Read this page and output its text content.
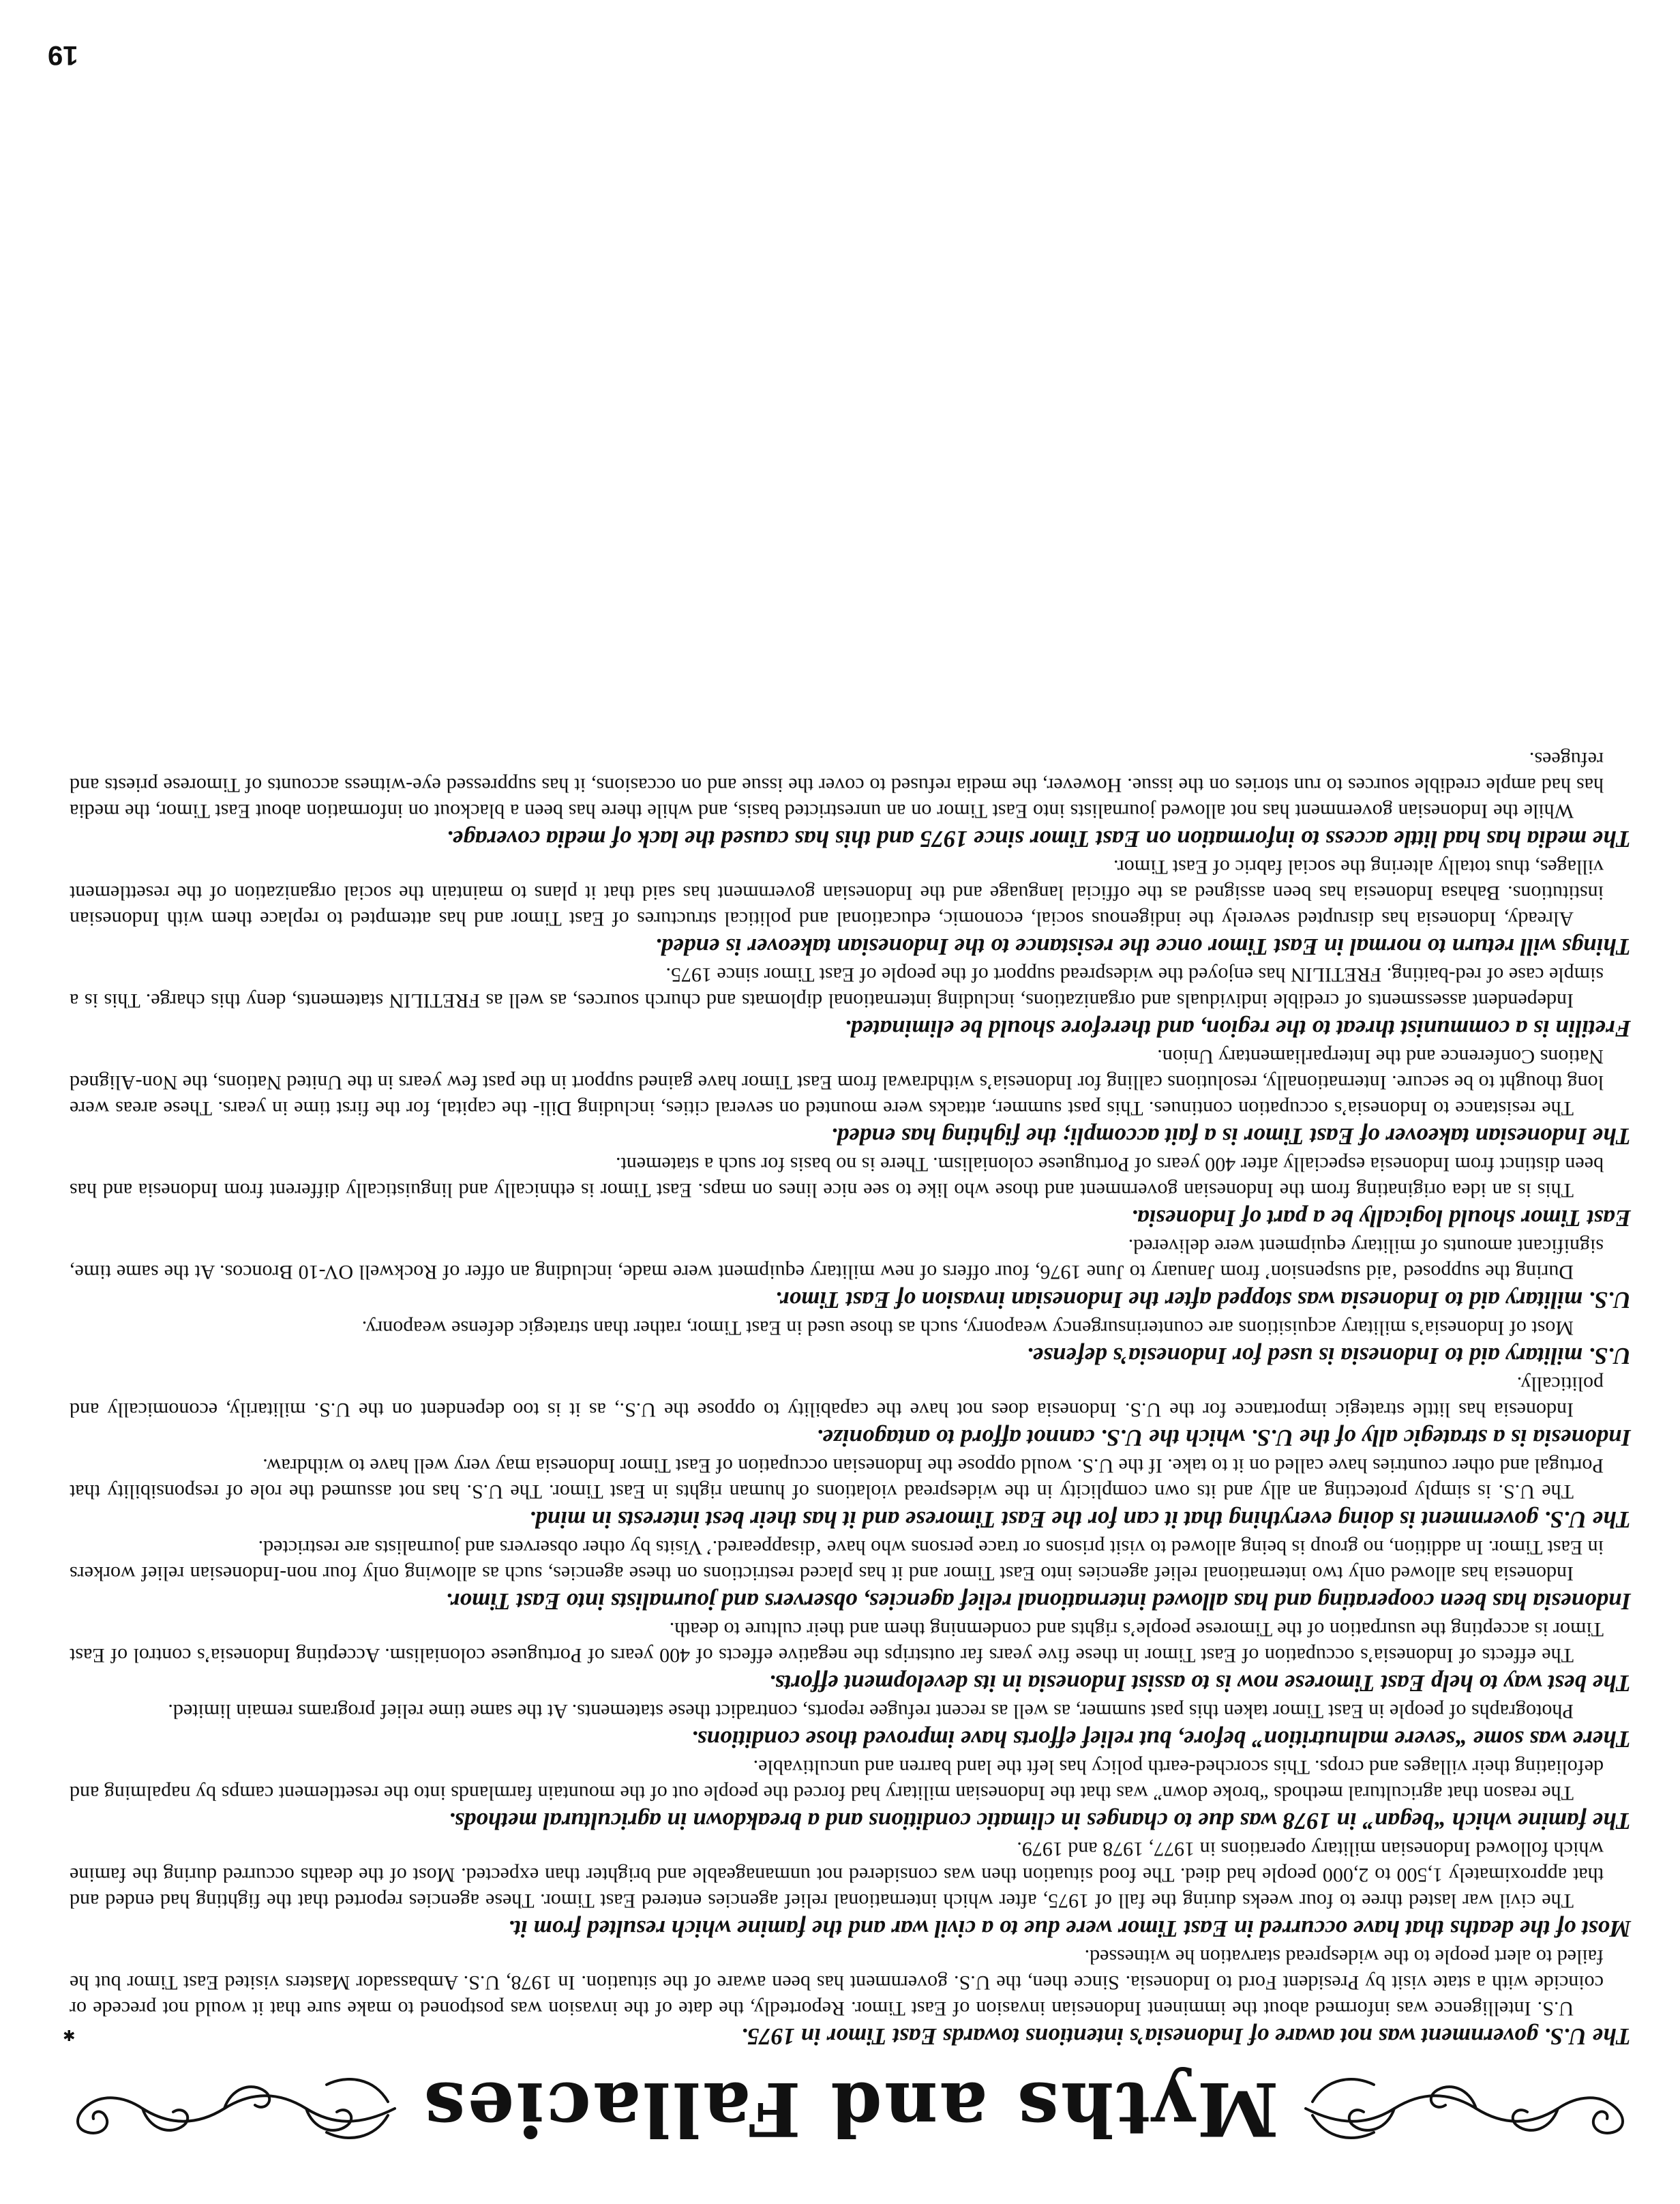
Myths and Fallacies
✱	The U.S. government was not aware of Indonesia’s intentions towards East Timor in 1975.

U.S. Intelligence was informed about the imminent Indonesian invasion of East Timor. Reportedly, the date of the invasion was postponed to make sure that it would not precede or coincide with a state visit by President Ford to Indonesia. Since then, the U.S. government has been aware of the situation. In 1978, U.S. Ambassador Masters visited East Timor but he failed to alert people to the widespread starvation he witnessed.

Most of the deaths that have occurred in East Timor were due to a civil war and the famine which resulted from it.

The civil war lasted three to four weeks during the fall of 1975, after which international relief agencies entered East Timor. These agencies reported that the fighting had ended and that approximately 1,500 to 2,000 people had died. The food situation then was considered not unmanageable and brighter than expected. Most of the deaths occurred during the famine which followed Indonesian military operations in 1977, 1978 and 1979.

The famine which “began” in 1978 was due to changes in climatic conditions and a breakdown in agricultural methods.

The reason that agricultural methods “broke down” was that the Indonesian military had forced the people out of the mountain farmlands into the resettlement camps by napalming and defoliating their villages and crops. This scorched-earth policy has left the land barren and uncultivable.

There was some “severe malnutrition” before, but relief efforts have improved those conditions.

Photographs of people in East Timor taken this past summer, as well as recent refugee reports, contradict these statements. At the same time relief programs remain limited.

The best way to help East Timorese now is to assist Indonesia in its development efforts.

The effects of Indonesia’s occupation of East Timor in these five years far outstrips the negative effects of 400 years of Portuguese colonialism. Accepting Indonesia’s control of East Timor is accepting the usurpation of the Timorese people’s rights and condemning them and their culture to death.

Indonesia has been cooperating and has allowed international relief agencies, observers and journalists into East Timor.

Indonesia has allowed only two international relief agencies into East Timor and it has placed restrictions on these agencies, such as allowing only four non-Indonesian relief workers in East Timor. In addition, no group is being allowed to visit prisons or trace persons who have ‘disappeared.’ Visits by other observers and journalists are restricted.

The U.S. government is doing everything that it can for the East Timorese and it has their best interests in mind.

The U.S. is simply protecting an ally and its own complicity in the widespread violations of human rights in East Timor. The U.S. has not assumed the role of responsibility that Portugal and other countries have called on it to take. If the U.S. would oppose the Indonesian occupation of East Timor Indonesia may very well have to withdraw.

Indonesia is a strategic ally of the U.S. which the U.S. cannot afford to antagonize.

Indonesia has little strategic importance for the U.S. Indonesia does not have the capability to oppose the U.S., as it is too dependent on the U.S. militarily, economically and politically.

U.S. military aid to Indonesia is used for Indonesia’s defense.

Most of Indonesia’s military acquisitions are counterinsurgency weaponry, such as those used in East Timor, rather than strategic defense weaponry.

U.S. military aid to Indonesia was stopped after the Indonesian invasion of East Timor.

During the supposed ‘aid suspension’ from January to June 1976, four offers of new military equipment were made, including an offer of Rockwell OV-10 Broncos. At the same time, significant amounts of military equipment were delivered.

East Timor should logically be a part of Indonesia.

This is an idea originating from the Indonesian government and those who like to see nice lines on maps. East Timor is ethnically and linguistically different from Indonesia and has been distinct from Indonesia especially after 400 years of Portuguese colonialism. There is no basis for such a statement.

The Indonesian takeover of East Timor is a fait accompli; the fighting has ended.

The resistance to Indonesia’s occupation continues. This past summer, attacks were mounted on several cities, including Dili- the capital, for the first time in years. These areas were long thought to be secure. Internationally, resolutions calling for Indonesia’s withdrawal from East Timor have gained support in the past few years in the United Nations, the Non-Aligned Nations Conference and the Interparliamentary Union.

Fretilin is a communist threat to the region, and therefore should be eliminated.

Independent assessments of credible individuals and organizations, including international diplomats and church sources, as well as FRETILIN statements, deny this charge. This is a simple case of red-baiting. FRETILIN has enjoyed the widespread support of the people of East Timor since 1975.

Things will return to normal in East Timor once the resistance to the Indonesian takeover is ended.

Already, Indonesia has disrupted severely the indigenous social, economic, educational and political structures of East Timor and has attempted to replace them with Indonesian institutions. Bahasa Indonesia has been assigned as the official language and the Indonesian government has said that it plans to maintain the social organization of the resettlement villages, thus totally altering the social fabric of East Timor.

The media has had little access to information on East Timor since 1975 and this has caused the lack of media coverage.

While the Indonesian government has not allowed journalists into East Timor on an unrestricted basis, and while there has been a blackout on information about East Timor, the media has had ample credible sources to run stories on the issue. However, the media refused to cover the issue and on occasions, it has suppressed eye-witness accounts of Timorese priests and refugees.

19
